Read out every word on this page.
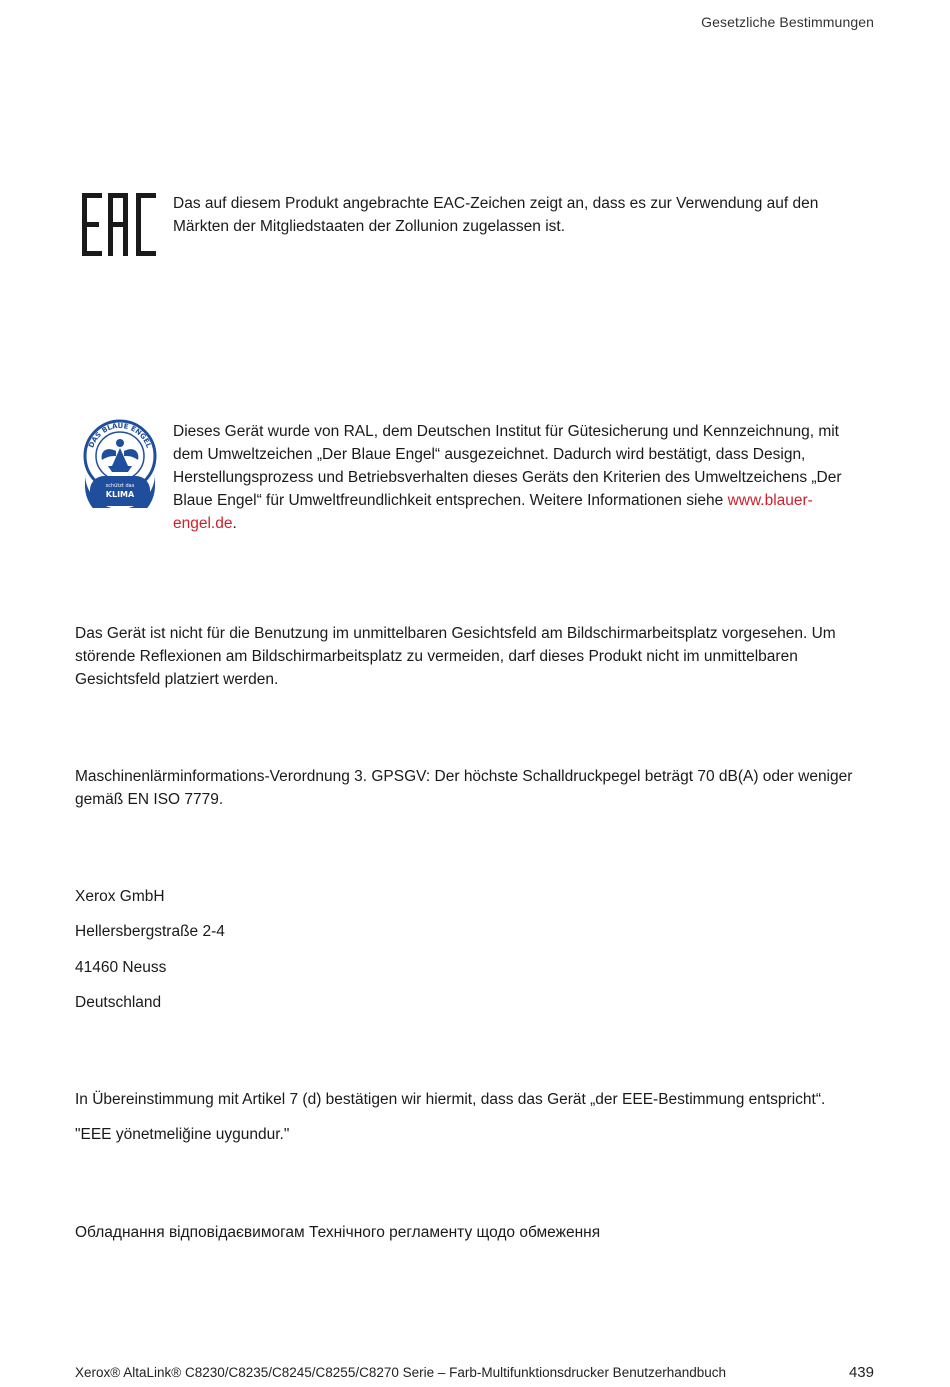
Gesetzliche Bestimmungen
Das auf diesem Produkt angebrachte EAC-Zeichen zeigt an, dass es zur Verwendung auf den Märkten der Mitgliedstaaten der Zollunion zugelassen ist.
DAS BLAUE ENGEL
schützt das
KLIMA
Dieses Gerät wurde von RAL, dem Deutschen Institut für Gütesicherung und Kennzeichnung, mit dem Umweltzeichen „Der Blaue Engel“ ausgezeichnet. Dadurch wird bestätigt, dass Design, Herstellungsprozess und Betriebsverhalten dieses Geräts den Kriterien des Umweltzeichens „Der Blaue Engel“ für Umweltfreundlichkeit entsprechen. Weitere Informationen siehe www.blauer-engel.de.
Das Gerät ist nicht für die Benutzung im unmittelbaren Gesichtsfeld am Bildschirmarbeitsplatz vorgesehen. Um störende Reflexionen am Bildschirmarbeitsplatz zu vermeiden, darf dieses Produkt nicht im unmittelbaren Gesichtsfeld platziert werden.
Maschinenlärminformations-Verordnung 3. GPSGV: Der höchste Schalldruckpegel beträgt 70 dB(A) oder weniger gemäß EN ISO 7779.
Xerox GmbH
Hellersbergstraße 2-4
41460 Neuss
Deutschland
In Übereinstimmung mit Artikel 7 (d) bestätigen wir hiermit, dass das Gerät „der EEE-Bestimmung entspricht“.
"EEE yönetmeliğine uygundur."
Обладнання відповідаєвимогам Технічного регламенту щодо обмеження
Xerox® AltaLink® C8230/C8235/C8245/C8255/C8270 Serie – Farb-Multifunktionsdrucker Benutzerhandbuch	439
